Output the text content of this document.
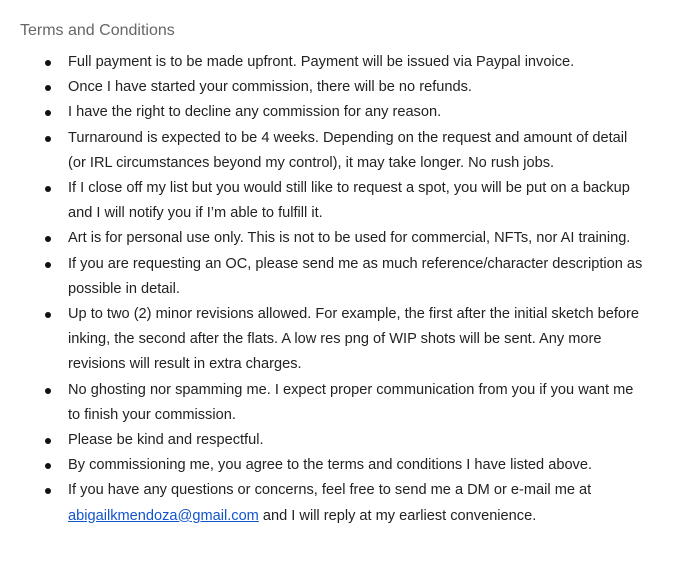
Terms and Conditions
Full payment is to be made upfront. Payment will be issued via Paypal invoice.
Once I have started your commission, there will be no refunds.
I have the right to decline any commission for any reason.
Turnaround is expected to be 4 weeks. Depending on the request and amount of detail (or IRL circumstances beyond my control), it may take longer. No rush jobs.
If I close off my list but you would still like to request a spot, you will be put on a backup and I will notify you if I’m able to fulfill it.
Art is for personal use only. This is not to be used for commercial, NFTs, nor AI training.
If you are requesting an OC, please send me as much reference/character description as possible in detail.
Up to two (2) minor revisions allowed. For example, the first after the initial sketch before inking, the second after the flats. A low res png of WIP shots will be sent. Any more revisions will result in extra charges.
No ghosting nor spamming me. I expect proper communication from you if you want me to finish your commission.
Please be kind and respectful.
By commissioning me, you agree to the terms and conditions I have listed above.
If you have any questions or concerns, feel free to send me a DM or e-mail me at abigailkmendoza@gmail.com and I will reply at my earliest convenience.
